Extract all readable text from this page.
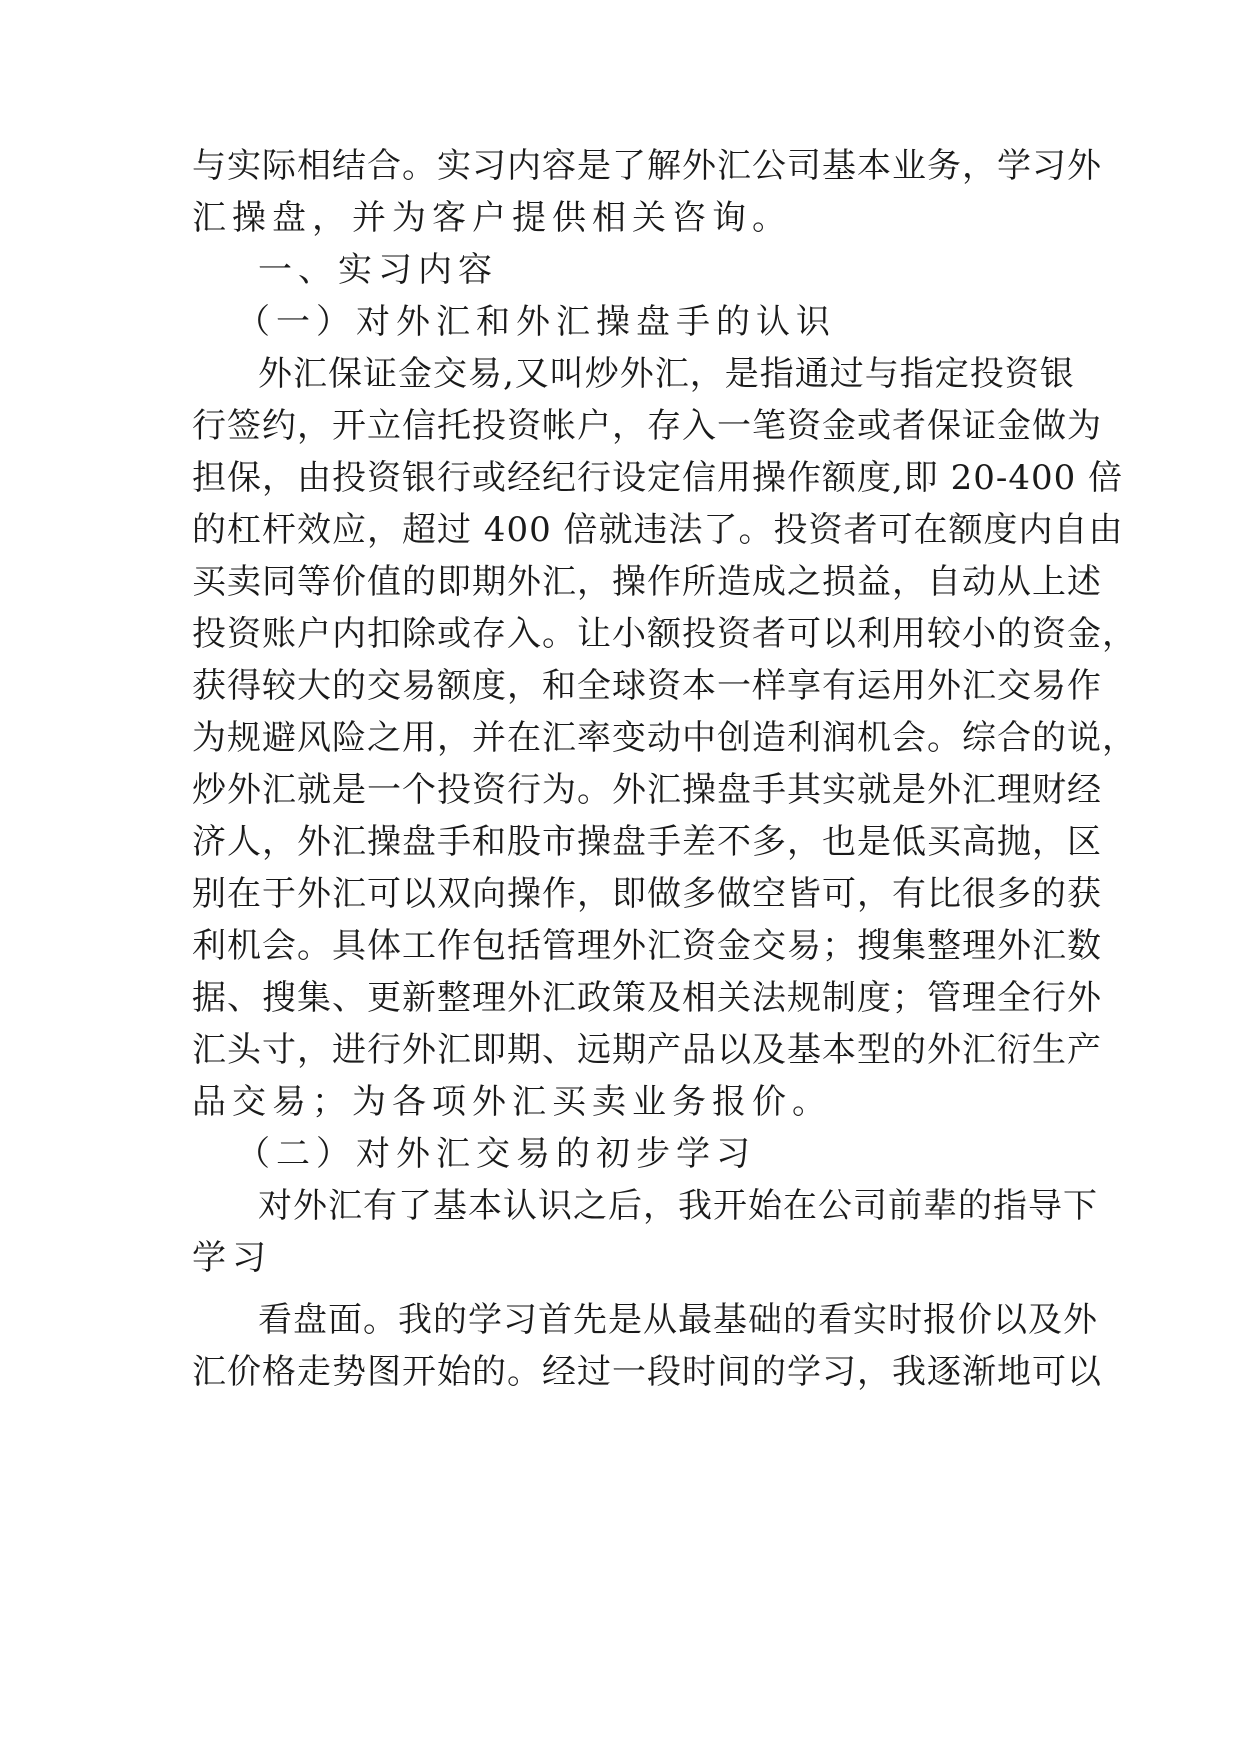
与实际相结合。实习内容是了解外汇公司基本业务，学习外

汇操盘，并为客户提供相关咨询。

一、实习内容

（一）对外汇和外汇操盘手的认识

外汇保证金交易,又叫炒外汇，是指通过与指定投资银

行签约，开立信托投资帐户，存入一笔资金或者保证金做为

担保，由投资银行或经纪行设定信用操作额度,即 20-400 倍

的杠杆效应，超过 400 倍就违法了。投资者可在额度内自由

买卖同等价值的即期外汇，操作所造成之损益，自动从上述

投资账户内扣除或存入。让小额投资者可以利用较小的资金，

获得较大的交易额度，和全球资本一样享有运用外汇交易作

为规避风险之用，并在汇率变动中创造利润机会。综合的说，

炒外汇就是一个投资行为。外汇操盘手其实就是外汇理财经

济人，外汇操盘手和股市操盘手差不多，也是低买高抛，区

别在于外汇可以双向操作，即做多做空皆可，有比很多的获

利机会。具体工作包括管理外汇资金交易；搜集整理外汇数

据、搜集、更新整理外汇政策及相关法规制度；管理全行外

汇头寸，进行外汇即期、远期产品以及基本型的外汇衍生产

品交易；为各项外汇买卖业务报价。

（二）对外汇交易的初步学习

对外汇有了基本认识之后，我开始在公司前辈的指导下

学习

看盘面。我的学习首先是从最基础的看实时报价以及外

汇价格走势图开始的。经过一段时间的学习，我逐渐地可以
